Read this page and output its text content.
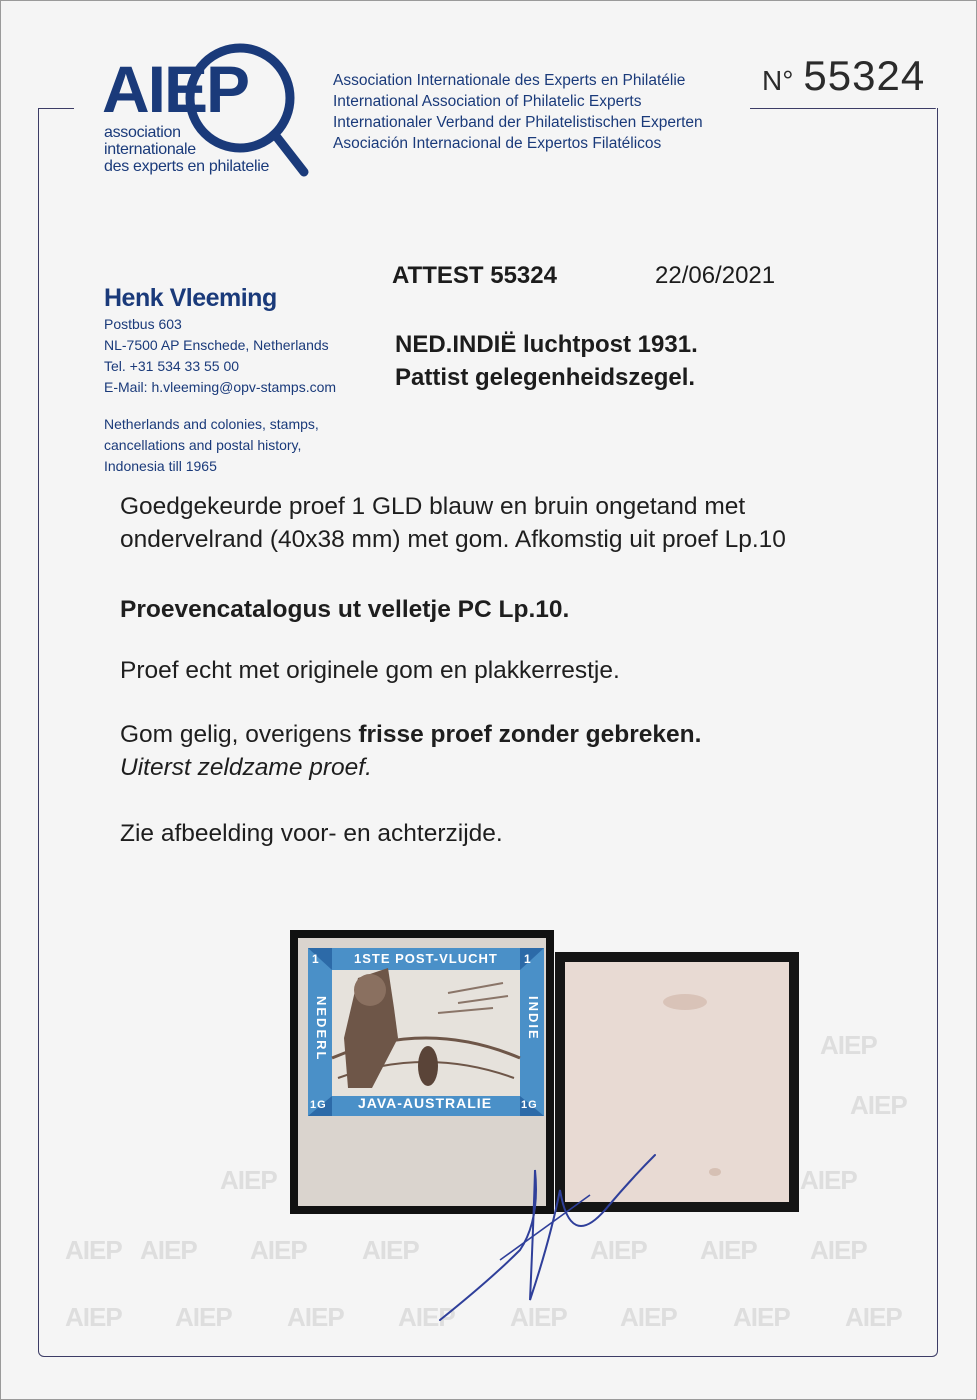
AIEP
AIEP
AIEP	AIEP
AIEP AIEP AIEP AIEP	AIEP AIEP AIEP
AIEP AIEP AIEP AIEP AIEP AIEP AIEP AIEP
AIEP
association
internationale
des experts en philatelie
Association Internationale des Experts en Philatélie
International Association of Philatelic Experts
Internationaler Verband der Philatelistischen Experten
Asociación Internacional de Expertos Filatélicos
N° 55324
Henk Vleeming
Postbus 603
NL-7500 AP Enschede, Netherlands
Tel. +31 534 33 55 00
E-Mail: h.vleeming@opv-stamps.com
Netherlands and colonies, stamps,
cancellations and postal history,
Indonesia till 1965
ATTEST 55324	22/06/2021
NED.INDIË luchtpost 1931.
Pattist gelegenheidszegel.
Goedgekeurde proef 1 GLD blauw en bruin ongetand met
ondervelrand (40x38 mm) met gom. Afkomstig uit proef Lp.10
Proevencatalogus ut velletje PC Lp.10.
Proef echt met originele gom en plakkerrestje.
Gom gelig, overigens frisse proef zonder gebreken.
Uiterst zeldzame proef.
Zie afbeelding voor- en achterzijde.
1STE POST-VLUCHT
JAVA-AUSTRALIE
NEDERL	INDIE
1	1
1G	1G
